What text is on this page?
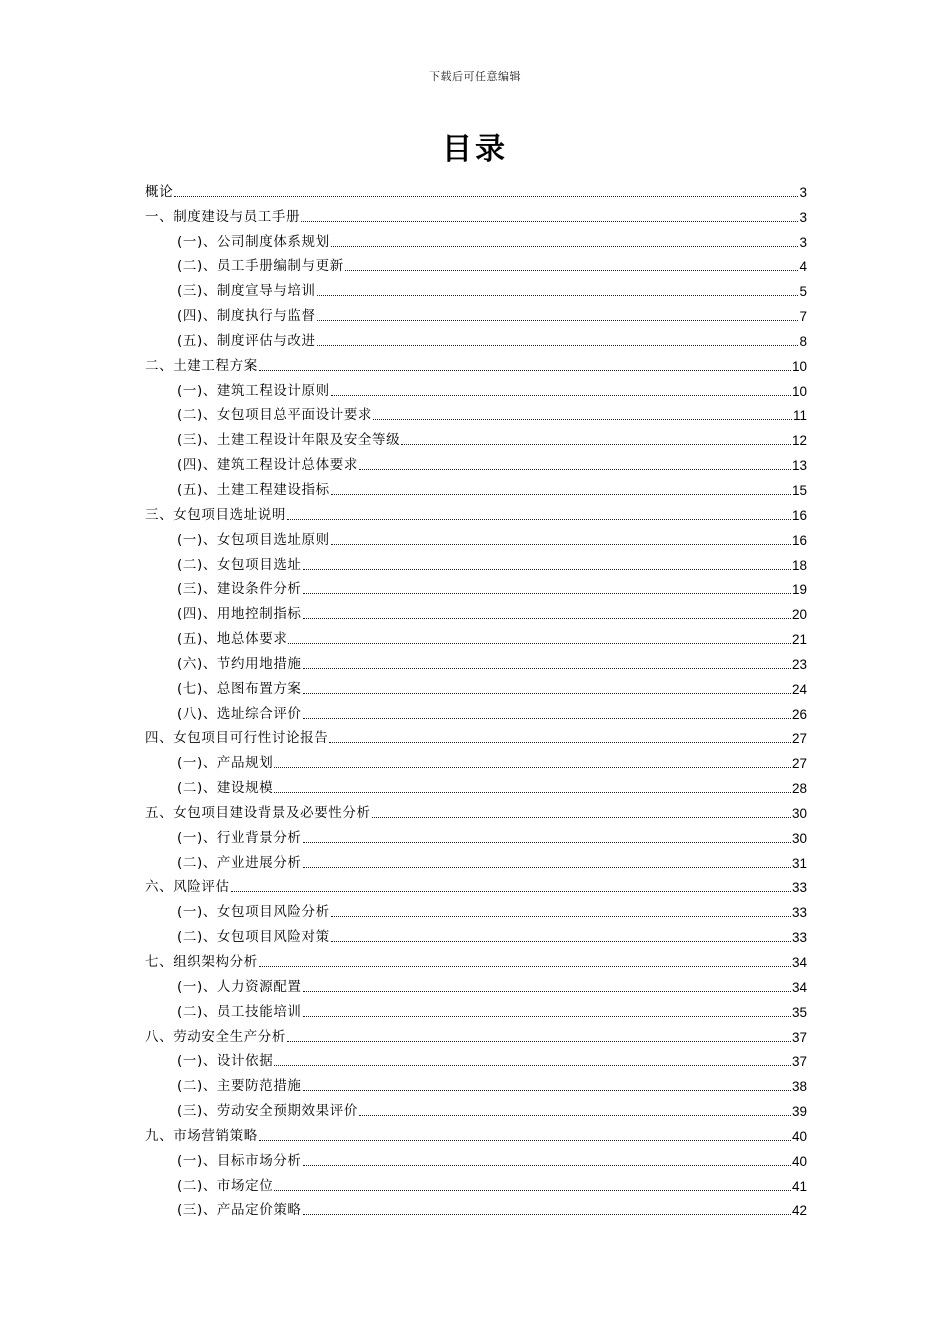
下载后可任意编辑
目录
概论	3
一、制度建设与员工手册	3
(一)、公司制度体系规划	3
(二)、员工手册编制与更新	4
(三)、制度宣导与培训	5
(四)、制度执行与监督	7
(五)、制度评估与改进	8
二、土建工程方案	10
(一)、建筑工程设计原则	10
(二)、女包项目总平面设计要求	11
(三)、土建工程设计年限及安全等级	12
(四)、建筑工程设计总体要求	13
(五)、土建工程建设指标	15
三、女包项目选址说明	16
(一)、女包项目选址原则	16
(二)、女包项目选址	18
(三)、建设条件分析	19
(四)、用地控制指标	20
(五)、地总体要求	21
(六)、节约用地措施	23
(七)、总图布置方案	24
(八)、选址综合评价	26
四、女包项目可行性讨论报告	27
(一)、产品规划	27
(二)、建设规模	28
五、女包项目建设背景及必要性分析	30
(一)、行业背景分析	30
(二)、产业进展分析	31
六、风险评估	33
(一)、女包项目风险分析	33
(二)、女包项目风险对策	33
七、组织架构分析	34
(一)、人力资源配置	34
(二)、员工技能培训	35
八、劳动安全生产分析	37
(一)、设计依据	37
(二)、主要防范措施	38
(三)、劳动安全预期效果评价	39
九、市场营销策略	40
(一)、目标市场分析	40
(二)、市场定位	41
(三)、产品定价策略	42
